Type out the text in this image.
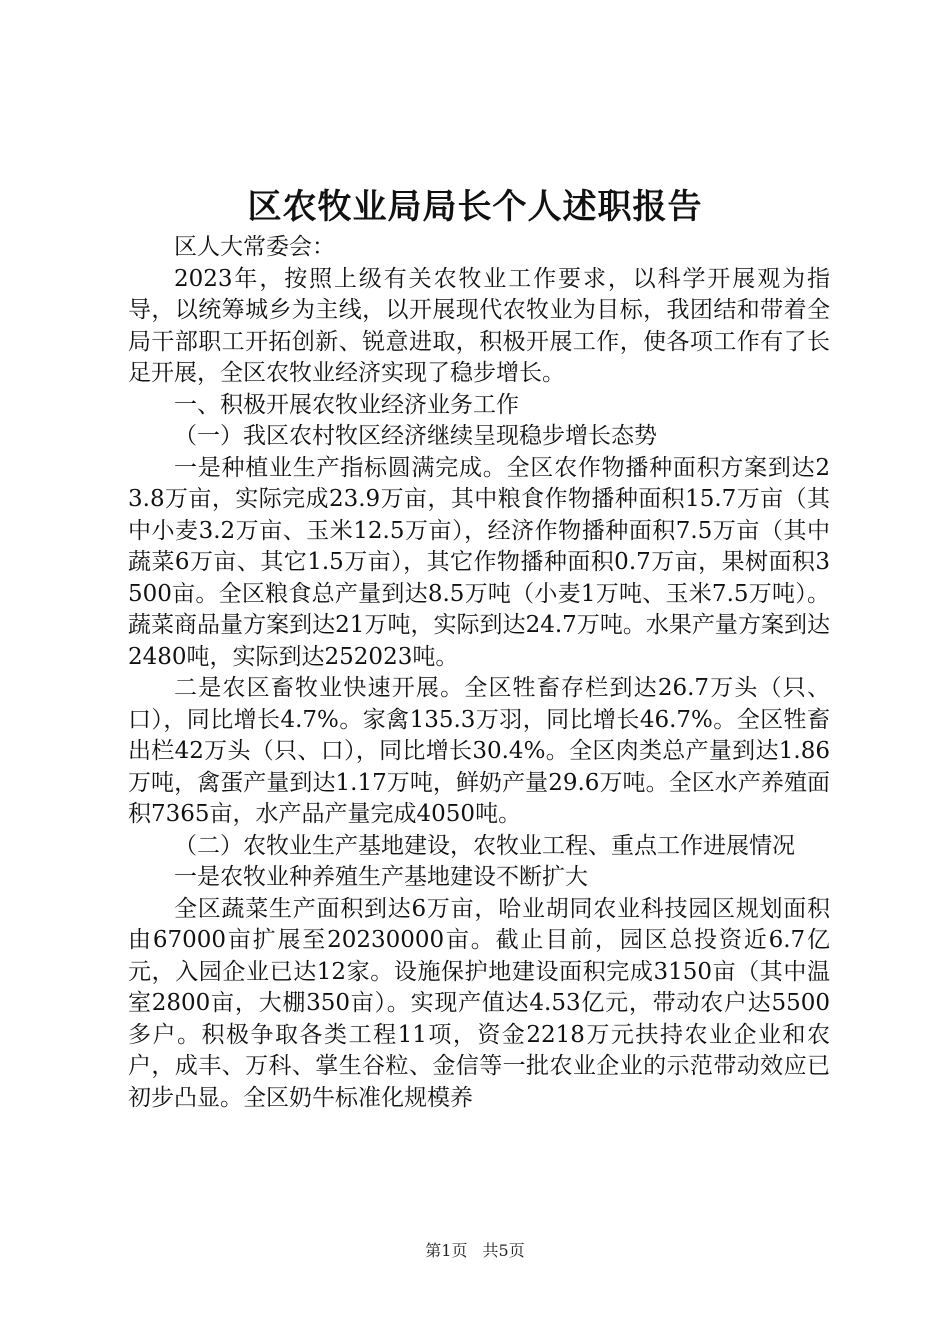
区农牧业局局长个人述职报告

区人大常委会：

2023年，按照上级有关农牧业工作要求，以科学开展观为指导，以统筹城乡为主线，以开展现代农牧业为目标，我团结和带着全局干部职工开拓创新、锐意进取，积极开展工作，使各项工作有了长足开展，全区农牧业经济实现了稳步增长。

一、积极开展农牧业经济业务工作

（一）我区农村牧区经济继续呈现稳步增长态势

一是种植业生产指标圆满完成。全区农作物播种面积方案到达23.8万亩，实际完成23.9万亩，其中粮食作物播种面积15.7万亩（其中小麦3.2万亩、玉米12.5万亩），经济作物播种面积7.5万亩（其中蔬菜6万亩、其它1.5万亩），其它作物播种面积0.7万亩，果树面积3500亩。全区粮食总产量到达8.5万吨（小麦1万吨、玉米7.5万吨）。蔬菜商品量方案到达21万吨，实际到达24.7万吨。水果产量方案到达2480吨，实际到达252023吨。

二是农区畜牧业快速开展。全区牲畜存栏到达26.7万头（只、口），同比增长4.7%。家禽135.3万羽，同比增长46.7%。全区牲畜出栏42万头（只、口），同比增长30.4%。全区肉类总产量到达1.86万吨，禽蛋产量到达1.17万吨，鲜奶产量29.6万吨。全区水产养殖面积7365亩，水产品产量完成4050吨。

（二）农牧业生产基地建设，农牧业工程、重点工作进展情况

一是农牧业种养殖生产基地建设不断扩大

全区蔬菜生产面积到达6万亩，哈业胡同农业科技园区规划面积由67000亩扩展至20230000亩。截止目前，园区总投资近6.7亿元，入园企业已达12家。设施保护地建设面积完成3150亩（其中温室2800亩，大棚350亩）。实现产值达4.53亿元，带动农户达5500多户。积极争取各类工程11项，资金2218万元扶持农业企业和农户，成丰、万科、掌生谷粒、金信等一批农业企业的示范带动效应已初步凸显。全区奶牛标准化规模养

第1页 共5页
